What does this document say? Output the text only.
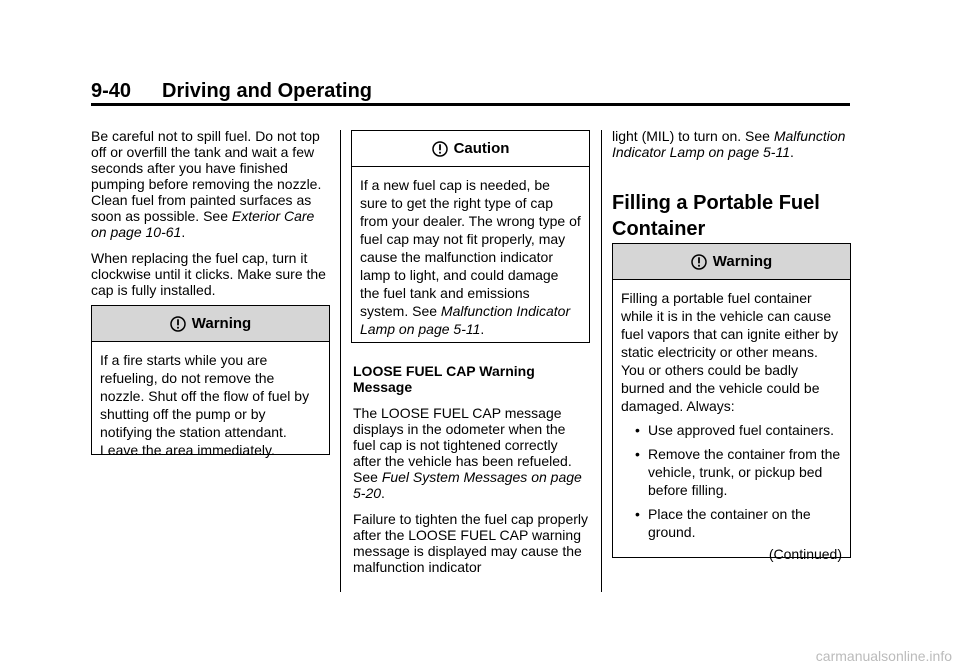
9-40 Driving and Operating

Be careful not to spill fuel. Do not top off or overfill the tank and wait a few seconds after you have finished pumping before removing the nozzle. Clean fuel from painted surfaces as soon as possible. See Exterior Care on page 10-61.

When replacing the fuel cap, turn it clockwise until it clicks. Make sure the cap is fully installed.

Warning

If a fire starts while you are refueling, do not remove the nozzle. Shut off the flow of fuel by shutting off the pump or by notifying the station attendant. Leave the area immediately.

Caution

If a new fuel cap is needed, be sure to get the right type of cap from your dealer. The wrong type of fuel cap may not fit properly, may cause the malfunction indicator lamp to light, and could damage the fuel tank and emissions system. See Malfunction Indicator Lamp on page 5-11.

LOOSE FUEL CAP Warning Message

The LOOSE FUEL CAP message displays in the odometer when the fuel cap is not tightened correctly after the vehicle has been refueled. See Fuel System Messages on page 5-20.

Failure to tighten the fuel cap properly after the LOOSE FUEL CAP warning message is displayed may cause the malfunction indicator

light (MIL) to turn on. See Malfunction Indicator Lamp on page 5-11.

Filling a Portable Fuel Container
Warning

Filling a portable fuel container while it is in the vehicle can cause fuel vapors that can ignite either by static electricity or other means. You or others could be badly burned and the vehicle could be damaged. Always:

• Use approved fuel containers.
• Remove the container from the vehicle, trunk, or pickup bed before filling.
• Place the container on the ground.
(Continued)
carmanualsonline.info
